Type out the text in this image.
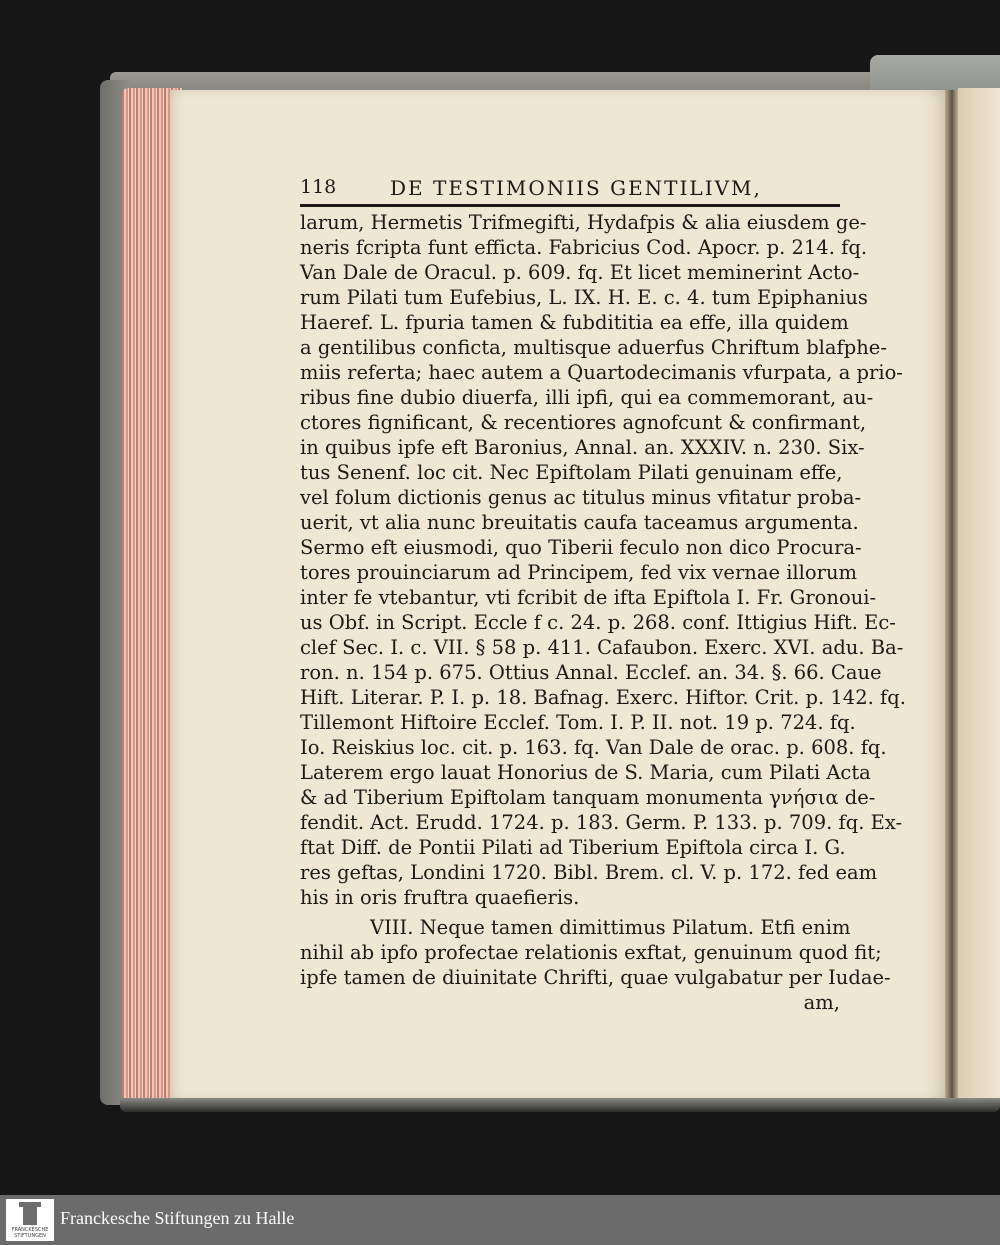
118	DE TESTIMONIIS GENTILIVM,
larum, Hermetis Trifmegifti, Hydafpis & alia eiusdem ge-
neris fcripta funt efficta. Fabricius Cod. Apocr. p. 214. fq.
Van Dale de Oracul. p. 609. fq. Et licet meminerint Acto-
rum Pilati tum Eufebius, L. IX. H. E. c. 4. tum Epiphanius
Haeref. L. fpuria tamen & fubdititia ea effe, illa quidem
a gentilibus conficta, multisque aduerfus Chriftum blafphe-
miis referta; haec autem a Quartodecimanis vfurpata, a prio-
ribus fine dubio diuerfa, illi ipfi, qui ea commemorant, au-
ctores fignificant, & recentiores agnofcunt & confirmant,
in quibus ipfe eft Baronius, Annal. an. XXXIV. n. 230. Six-
tus Senenf. loc cit. Nec Epiftolam Pilati genuinam effe,
vel folum dictionis genus ac titulus minus vfitatur proba-
uerit, vt alia nunc breuitatis caufa taceamus argumenta.
Sermo eft eiusmodi, quo Tiberii feculo non dico Procura-
tores prouinciarum ad Principem, fed vix vernae illorum
inter fe vtebantur, vti fcribit de ifta Epiftola I. Fr. Gronoui-
us Obf. in Script. Eccle f c. 24. p. 268. conf. Ittigius Hift. Ec-
clef Sec. I. c. VII. § 58 p. 411. Cafaubon. Exerc. XVI. adu. Ba-
ron. n. 154 p. 675. Ottius Annal. Ecclef. an. 34. §. 66. Caue
Hift. Literar. P. I. p. 18. Bafnag. Exerc. Hiftor. Crit. p. 142. fq.
Tillemont Hiftoire Ecclef. Tom. I. P. II. not. 19 p. 724. fq.
Io. Reiskius loc. cit. p. 163. fq. Van Dale de orac. p. 608. fq.
Laterem ergo lauat Honorius de S. Maria, cum Pilati Acta
& ad Tiberium Epiftolam tanquam monumenta γνήσια de-
fendit. Act. Erudd. 1724. p. 183. Germ. P. 133. p. 709. fq. Ex-
ftat Diff. de Pontii Pilati ad Tiberium Epiftola circa I. G.
res geftas, Londini 1720. Bibl. Brem. cl. V. p. 172. fed eam
his in oris fruftra quaefieris.
VIII. Neque tamen dimittimus Pilatum. Etfi enim
nihil ab ipfo profectae relationis exftat, genuinum quod fit;
ipfe tamen de diuinitate Chrifti, quae vulgabatur per Iudae-
am,
FRANCKESCHE STIFTUNGEN
Franckesche Stiftungen zu Halle
